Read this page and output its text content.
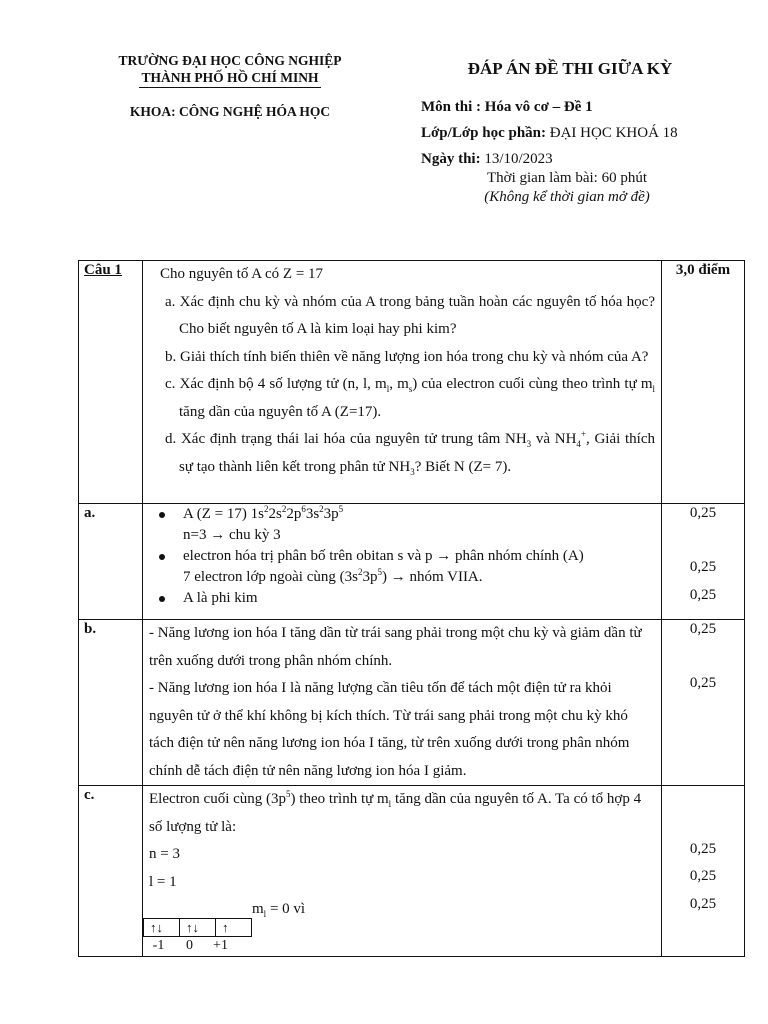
TRƯỜNG ĐẠI HỌC CÔNG NGHIỆP
THÀNH PHỐ HỒ CHÍ MINH
KHOA: CÔNG NGHỆ HÓA HỌC
ĐÁP ÁN ĐỀ THI GIỮA KỲ
Môn thi : Hóa vô cơ – Đề 1
Lớp/Lớp học phần: ĐẠI HỌC KHOÁ 18
Ngày thi: 13/10/2023
Thời gian làm bài: 60 phút
(Không kể thời gian mở đề)
Câu 1	Cho nguyên tố A có Z = 17
a. Xác định chu kỳ và nhóm của A trong bảng tuần hoàn các nguyên tố hóa học? Cho biết nguyên tố A là kim loại hay phi kim?
b. Giải thích tính biến thiên về năng lượng ion hóa trong chu kỳ và nhóm của A?
c. Xác định bộ 4 số lượng tử (n, l, $m_l$, $m_s$) của electron cuối cùng theo trình tự $m_l$ tăng dần của nguyên tố A (Z=17).
d. Xác định trạng thái lai hóa của nguyên tử trung tâm $NH_3$ và $NH_4^+$, Giải thích sự tạo thành liên kết trong phân tử $NH_3$? Biết N (Z= 7).
	3,0 điểm
a.	A (Z = 17) $1s^22s^22p^63s^23p^5$
n=3 → chu kỳ 3
electron hóa trị phân bố trên obitan s và p → phân nhóm chính (A)
7 electron lớp ngoài cùng $(3s^23p^5)$ → nhóm VIIA.
A là phi kim

0,25
0,25
0,25

b.	- Năng lương ion hóa I tăng dần từ trái sang phải trong một chu kỳ và giảm dần từ trên xuống dưới trong phân nhóm chính.

- Năng lương ion hóa I là năng lượng cần tiêu tốn để tách một điện tử ra khỏi nguyên tử ở thể khí không bị kích thích. Từ trái sang phải trong một chu kỳ khó tách điện tử nên năng lương ion hóa I tăng, từ trên xuống dưới trong phân nhóm chính dễ tách điện tử nên năng lương ion hóa I giảm.

0,25
0,25

c.	Electron cuối cùng $(3p^5)$ theo trình tự $m_l$ tăng dần của nguyên tố A. Ta có tổ hợp 4 số lượng tử là:

n = 3

l = 1

$m_l = 0$ vì

↑↓	↑↓	↑
-1	0	+1

0,25
0,25
0,25
